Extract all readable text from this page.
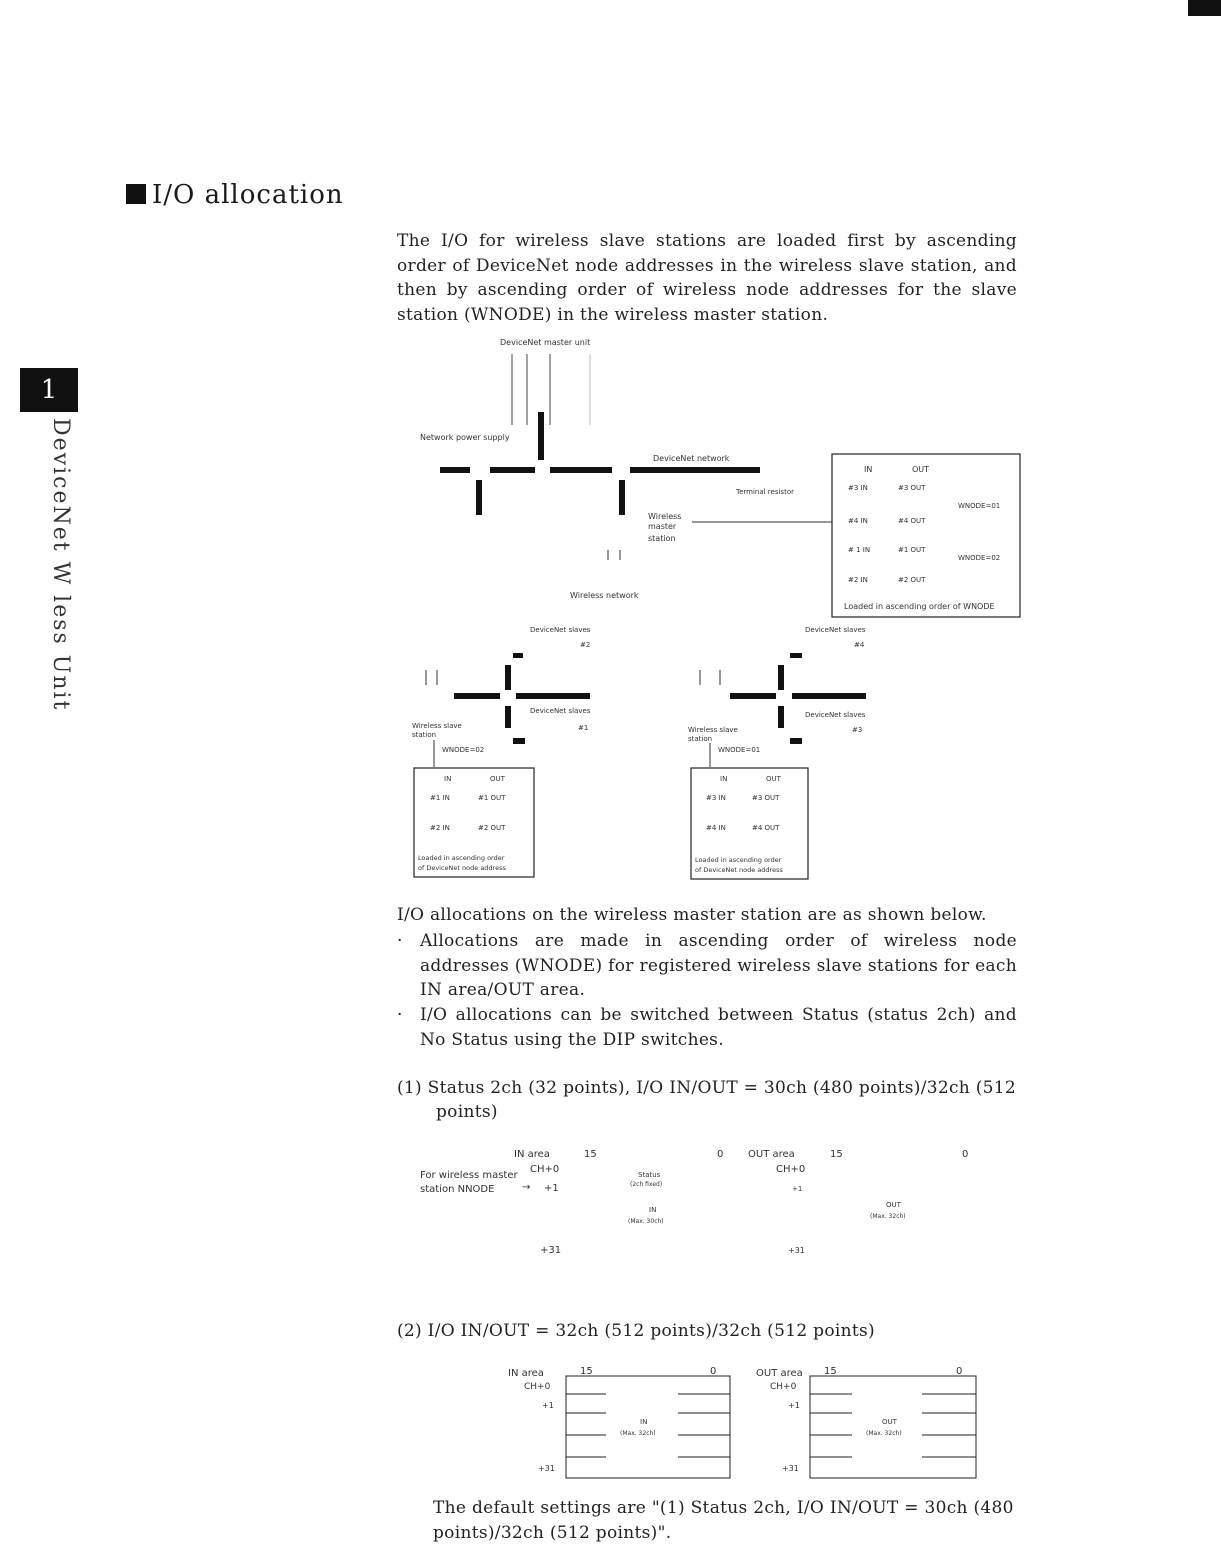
I/O allocation
1
DeviceNet W less Unit
The I/O for wireless slave stations are loaded first by ascending order of DeviceNet node addresses in the wireless slave station, and then by ascending order of wireless node addresses for the slave station (WNODE) in the wireless master station.
DeviceNet master unit
Network power supply
DeviceNet network
Terminal resistor
Wireless
master
station
Wireless network
IN	OUT
#3 IN	#3 OUT
#4 IN	#4 OUT
# 1 IN	#1 OUT
#2 IN	#2 OUT
WNODE=01
WNODE=02
Loaded in ascending order of WNODE
DeviceNet slaves
#2
DeviceNet slaves
#1
Wireless slave
station
WNODE=02
IN	OUT
#1 IN	#1 OUT
#2 IN	#2 OUT
Loaded in ascending order
of DeviceNet node address
DeviceNet slaves
#4
DeviceNet slaves
#3
Wireless slave
station
WNODE=01
IN	OUT
#3 IN	#3 OUT
#4 IN	#4 OUT
Loaded in ascending order
of DeviceNet node address
I/O allocations on the wireless master station are as shown below.
· Allocations are made in ascending order of wireless node addresses (WNODE) for registered wireless slave stations for each IN area/OUT area.
· I/O allocations can be switched between Status (status 2ch) and No Status using the DIP switches.
(1) Status 2ch (32 points), I/O IN/OUT = 30ch (480 points)/32ch (512
points)
IN area	15	0
CH+0
+1
+31
For wireless master
station NNODE	→
Status
(2ch fixed)
IN
(Max. 30ch)
OUT area	15	0
CH+0
+1
+31
OUT
(Max. 32ch)
(2) I/O IN/OUT = 32ch (512 points)/32ch (512 points)
IN area	15	0
CH+0
+1
+31
IN
(Max. 32ch)
OUT area 15	0
CH+0
+1
+31
OUT
(Max. 32ch)
The default settings are "(1) Status 2ch, I/O IN/OUT = 30ch (480 points)/32ch (512 points)".
